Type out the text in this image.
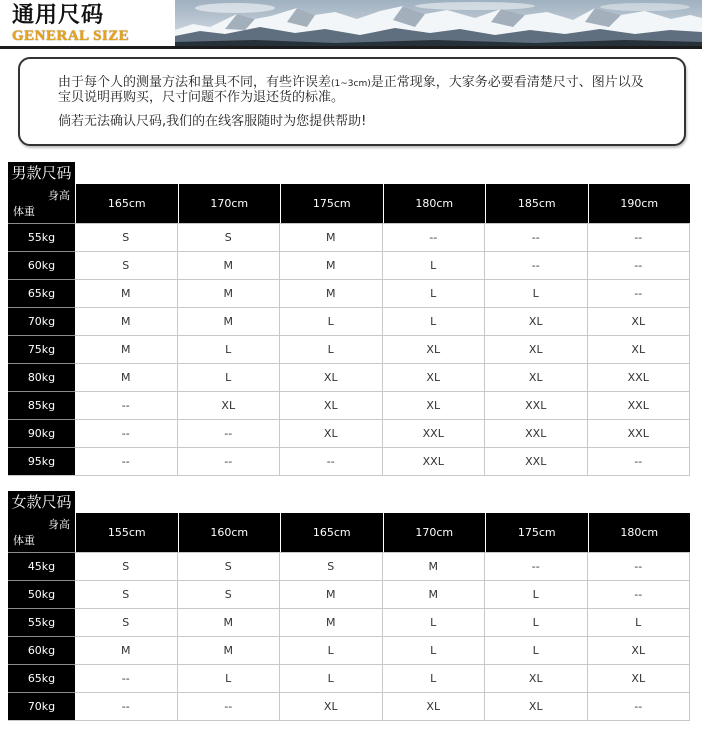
通用尺码
GENERAL SIZE
由于每个人的测量方法和量具不同，有些许误差(1~3cm)是正常现象，大家务必要看清楚尺寸、图片以及
宝贝说明再购买，尺寸问题不作为退还货的标准。
倘若无法确认尺码,我们的在线客服随时为您提供帮助!
男款尺码
身高
体重
165cm	170cm	175cm	180cm	185cm	190cm
55kg	S	S	M	--	--	--
60kg	S	M	M	L	--	--
65kg	M	M	M	L	L	--
70kg	M	M	L	L	XL	XL
75kg	M	L	L	XL	XL	XL
80kg	M	L	XL	XL	XL	XXL
85kg	--	XL	XL	XL	XXL	XXL
90kg	--	--	XL	XXL	XXL	XXL
95kg	--	--	--	XXL	XXL	--
女款尺码
身高
体重
155cm	160cm	165cm	170cm	175cm	180cm
45kg	S	S	S	M	--	--
50kg	S	S	M	M	L	--
55kg	S	M	M	L	L	L
60kg	M	M	L	L	L	XL
65kg	--	L	L	L	XL	XL
70kg	--	--	XL	XL	XL	--
